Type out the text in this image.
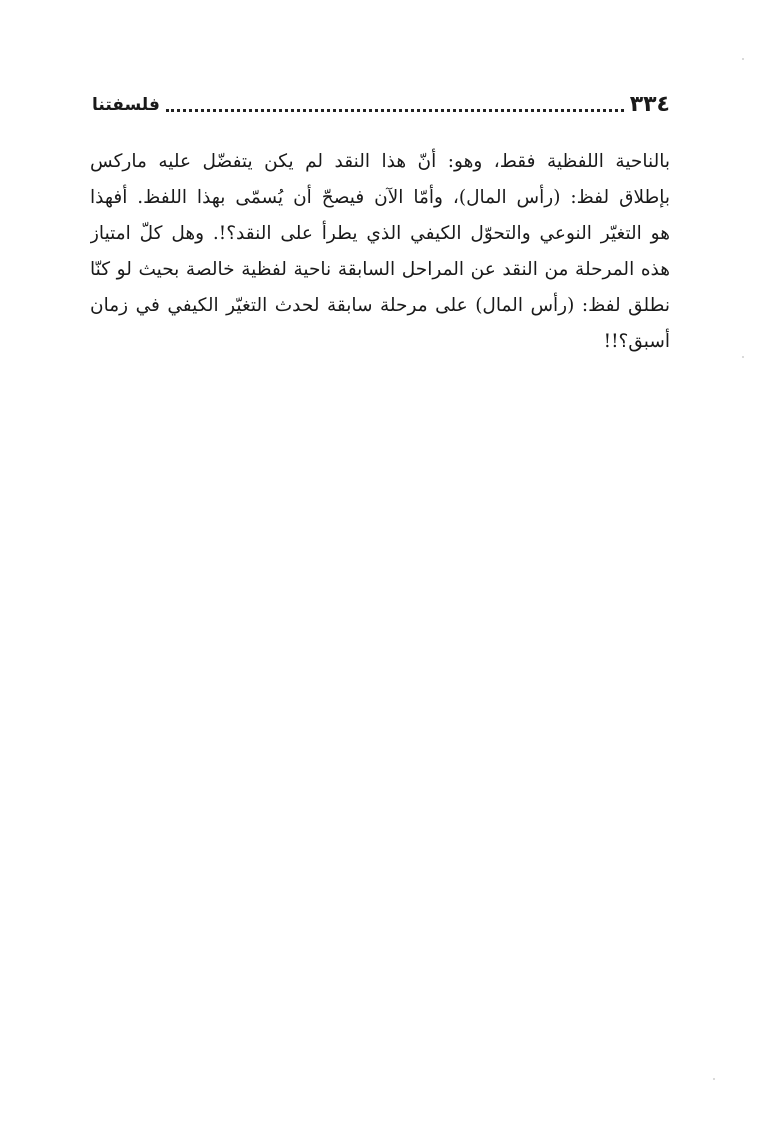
٣٣٤
فلسفتنا
بالناحية اللفظية فقط، وهو: أنّ هذا النقد لم يكن يتفضّل عليه ماركس
بإطلاق لفظ: (رأس المال)، وأمّا الآن فيصحّ أن يُسمّى بهذا اللفظ. أفهذا
هو التغيّر النوعي والتحوّل الكيفي الذي يطرأ على النقد؟!. وهل كلّ امتياز
هذه المرحلة من النقد عن المراحل السابقة ناحية لفظية خالصة بحيث لو كنّا
نطلق لفظ: (رأس المال) على مرحلة سابقة لحدث التغيّر الكيفي في زمان
أسبق؟!!
